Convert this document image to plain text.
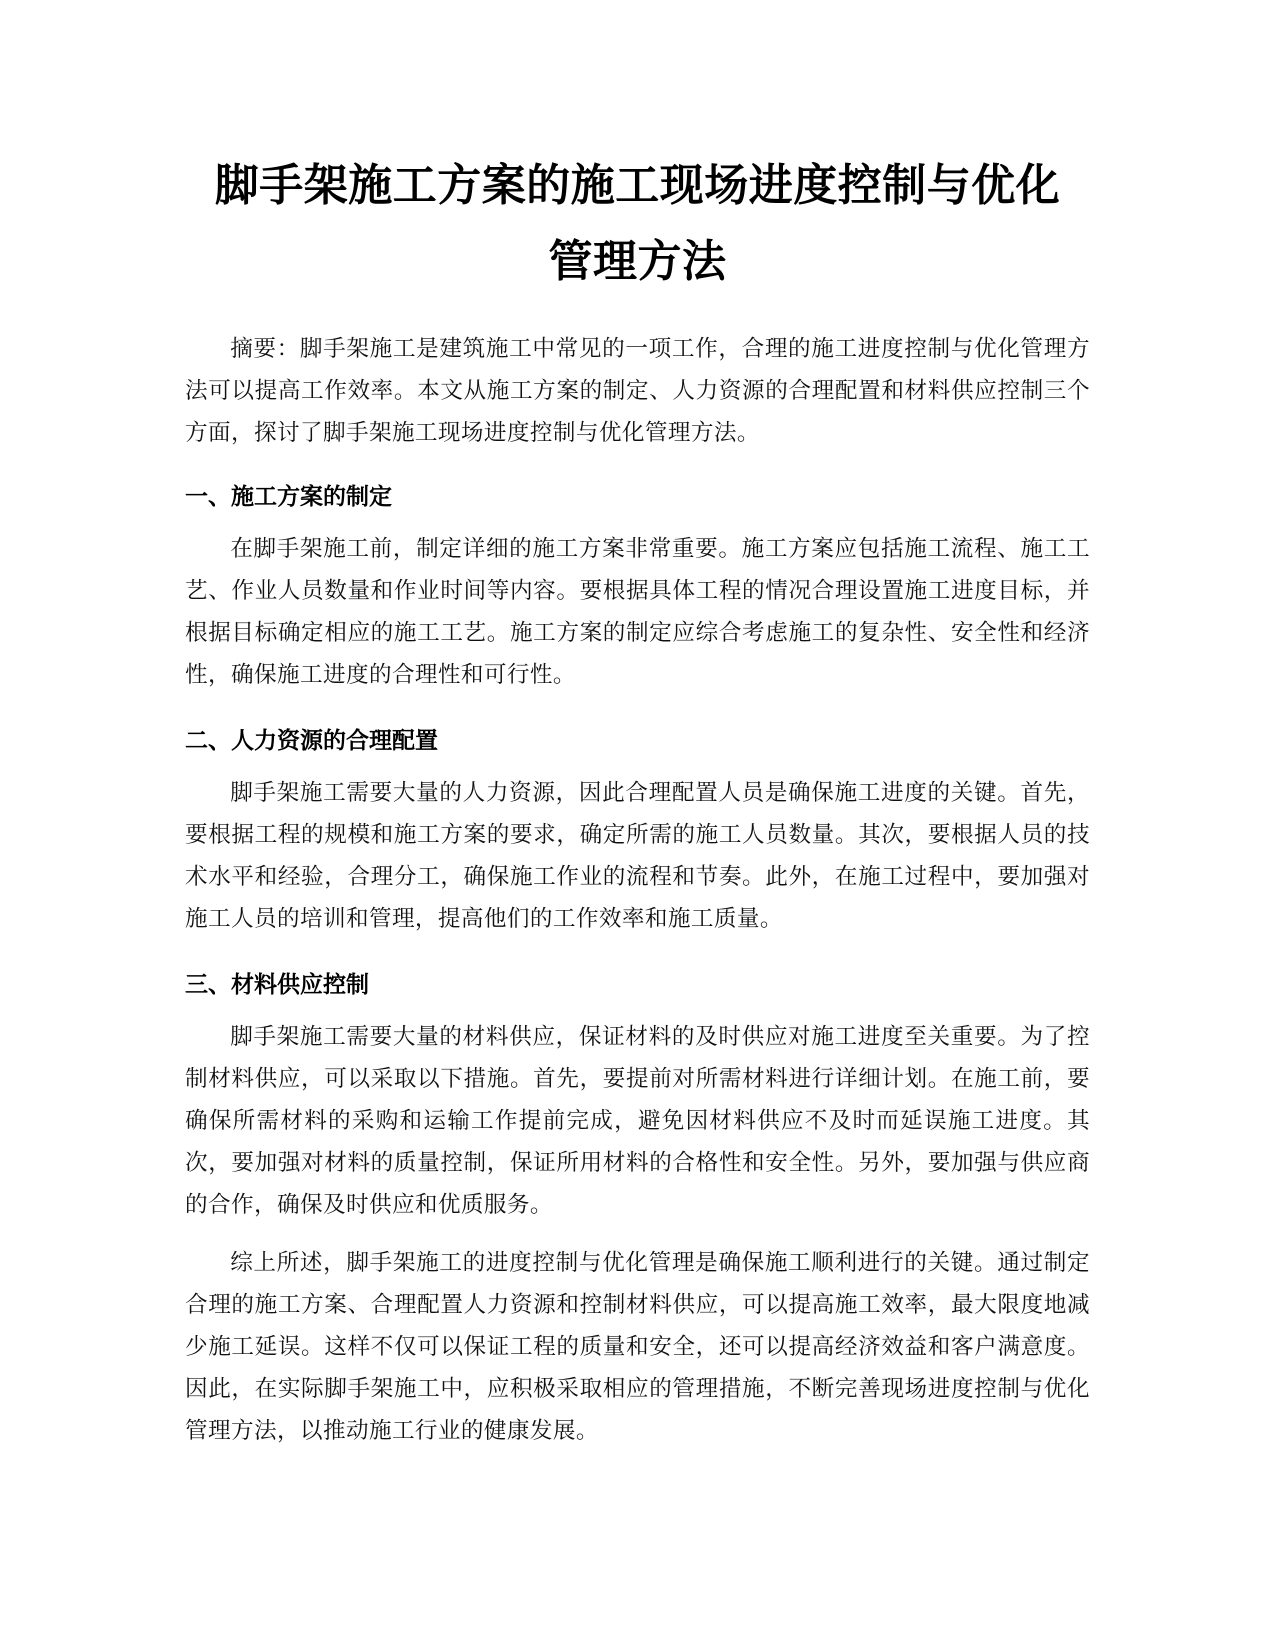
脚手架施工方案的施工现场进度控制与优化
管理方法

摘要：脚手架施工是建筑施工中常见的一项工作，合理的施工进度控制与优化管理方法可以提高工作效率。本文从施工方案的制定、人力资源的合理配置和材料供应控制三个方面，探讨了脚手架施工现场进度控制与优化管理方法。

一、施工方案的制定

在脚手架施工前，制定详细的施工方案非常重要。施工方案应包括施工流程、施工工艺、作业人员数量和作业时间等内容。要根据具体工程的情况合理设置施工进度目标，并根据目标确定相应的施工工艺。施工方案的制定应综合考虑施工的复杂性、安全性和经济性，确保施工进度的合理性和可行性。

二、人力资源的合理配置

脚手架施工需要大量的人力资源，因此合理配置人员是确保施工进度的关键。首先，要根据工程的规模和施工方案的要求，确定所需的施工人员数量。其次，要根据人员的技术水平和经验，合理分工，确保施工作业的流程和节奏。此外，在施工过程中，要加强对施工人员的培训和管理，提高他们的工作效率和施工质量。

三、材料供应控制

脚手架施工需要大量的材料供应，保证材料的及时供应对施工进度至关重要。为了控制材料供应，可以采取以下措施。首先，要提前对所需材料进行详细计划。在施工前，要确保所需材料的采购和运输工作提前完成，避免因材料供应不及时而延误施工进度。其次，要加强对材料的质量控制，保证所用材料的合格性和安全性。另外，要加强与供应商的合作，确保及时供应和优质服务。

综上所述，脚手架施工的进度控制与优化管理是确保施工顺利进行的关键。通过制定合理的施工方案、合理配置人力资源和控制材料供应，可以提高施工效率，最大限度地减少施工延误。这样不仅可以保证工程的质量和安全，还可以提高经济效益和客户满意度。因此，在实际脚手架施工中，应积极采取相应的管理措施，不断完善现场进度控制与优化管理方法，以推动施工行业的健康发展。
